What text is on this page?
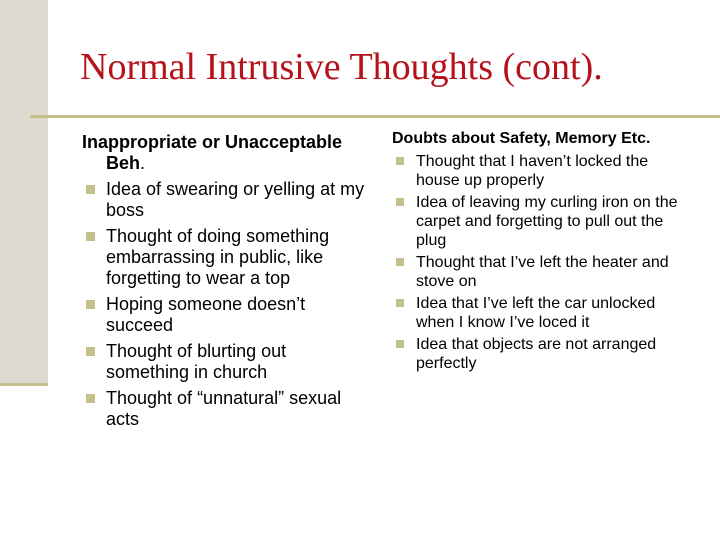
Normal Intrusive Thoughts (cont).
Inappropriate or Unacceptable Beh.
Idea of swearing or yelling at my boss
Thought of doing something embarrassing in public, like forgetting to wear a top
Hoping someone doesn’t succeed
Thought of blurting out something in church
Thought of “unnatural” sexual acts
Doubts about Safety, Memory Etc.
Thought that I haven’t locked the house up properly
Idea of leaving my curling iron on the carpet and forgetting to pull out the plug
Thought that I’ve left the heater and stove on
Idea that I’ve left the car unlocked when I know I’ve loced it
Idea that objects are not arranged perfectly
